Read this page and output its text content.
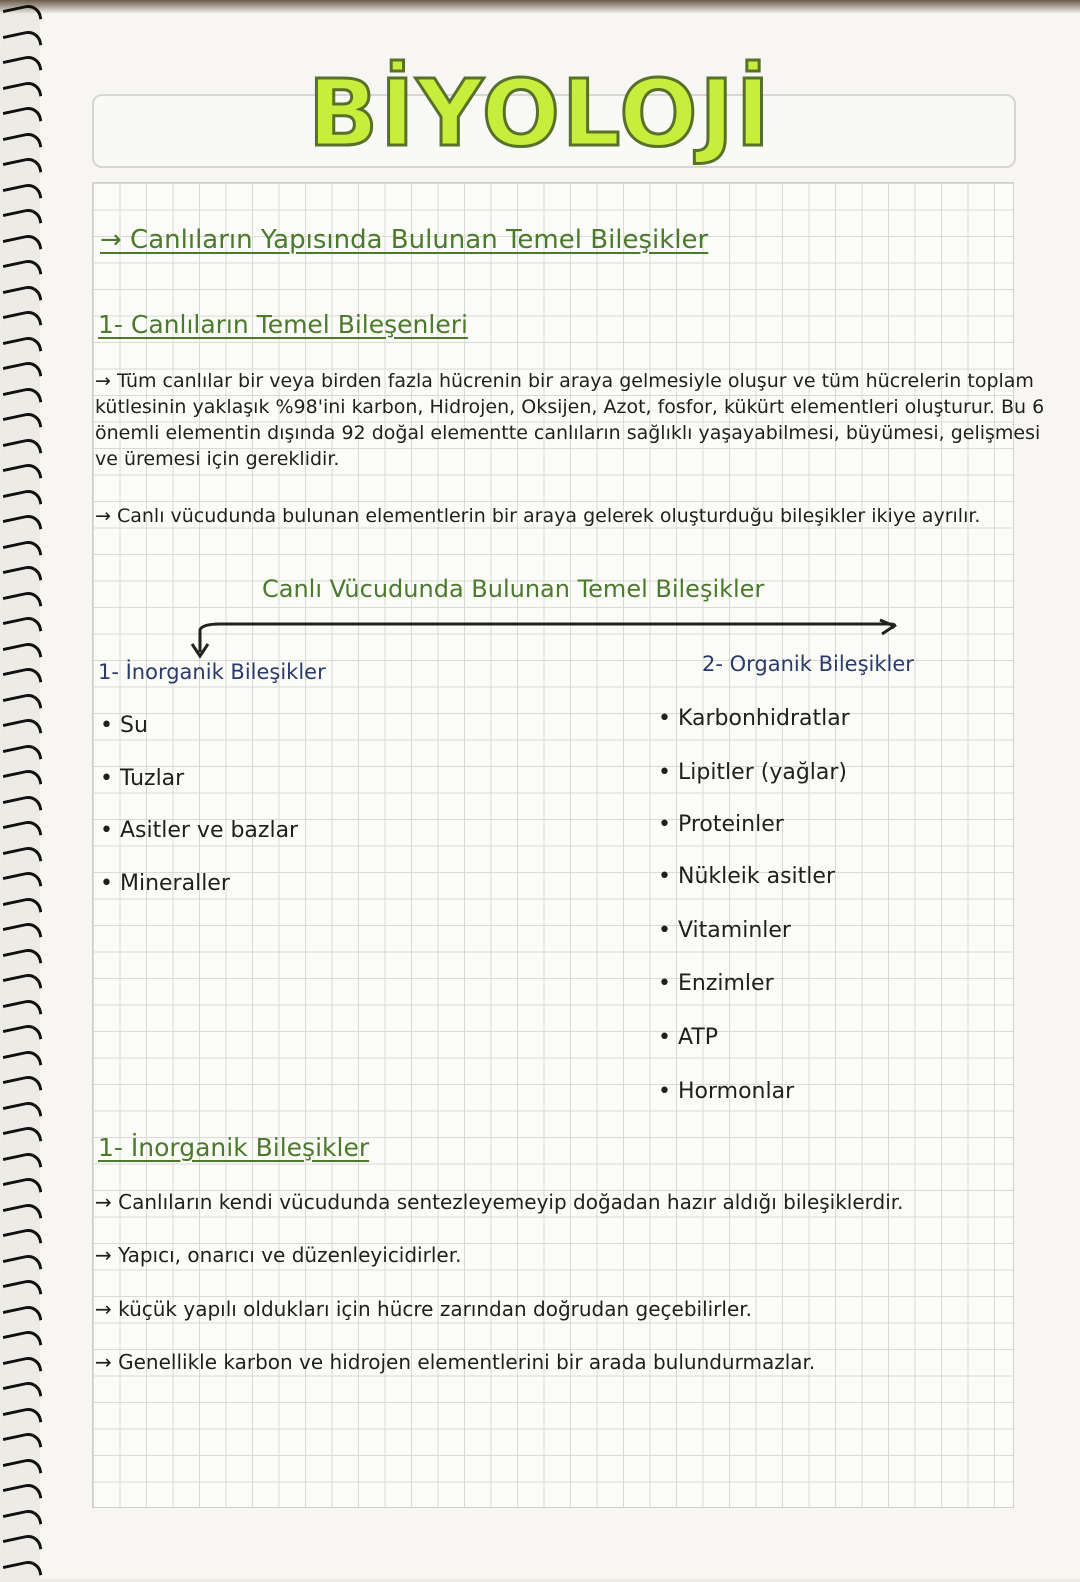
BİYOLOJİ
→ Canlıların Yapısında Bulunan Temel Bileşikler
1- Canlıların Temel Bileşenleri
→ Tüm canlılar bir veya birden fazla hücrenin bir araya gelmesiyle oluşur ve tüm hücrelerin toplam kütlesinin yaklaşık %98'ini karbon, Hidrojen, Oksijen, Azot, fosfor, kükürt elementleri oluşturur. Bu 6 önemli elementin dışında 92 doğal elementte canlıların sağlıklı yaşayabilmesi, büyümesi, gelişmesi ve üremesi için gereklidir.
→ Canlı vücudunda bulunan elementlerin bir araya gelerek oluşturduğu bileşikler ikiye ayrılır.
Canlı Vücudunda Bulunan Temel Bileşikler
1- İnorganik Bileşikler	2- Organik Bileşikler
• Su
• Tuzlar
• Asitler ve bazlar
• Mineraller
• Karbonhidratlar
• Lipitler (yağlar)
• Proteinler
• Nükleik asitler
• Vitaminler
• Enzimler
• ATP
• Hormonlar
1- İnorganik Bileşikler
→ Canlıların kendi vücudunda sentezleyemeyip doğadan hazır aldığı bileşiklerdir.
→ Yapıcı, onarıcı ve düzenleyicidirler.
→ küçük yapılı oldukları için hücre zarından doğrudan geçebilirler.
→ Genellikle karbon ve hidrojen elementlerini bir arada bulundurmazlar.
